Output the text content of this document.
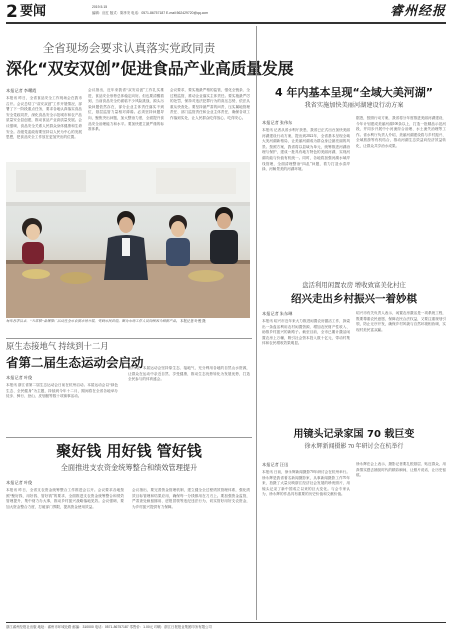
2 要闻	2019.5.15
编辑：应红 版式：陈孝安 电话：0571-86757187 E-mail:562429720@qq.com	睿州经报
全省现场会要求认真落实党政同责
深化“双安双创”促进食品产业高质量发展
本报记者 李曙霞
本报讯 昨日，全省食品安全工作现场会在我市召开。会议总结了“双安双创”工作开展情况，部署了下一阶段重点任务，要求各地认真落实食品安全党政同责，深化食品安全示范城市和农产品质量安全县创建，推动食品产业高质量发展。会议强调，食品安全关系人民群众身体健康和生命安全。各级党委政府要坚持以人民为中心的发展思想，把食品安全工作放在更加突出的位置。
会议指出，近年来我省“双安双创”工作扎实推进，食品安全形势总体稳定向好。但也要清醒看到，当前食品安全仍面临不少风险挑战，源头污染问题依然存在，部分企业主体责任落实不到位，基层监管力量相对薄弱。必须坚持问题导向，聚焦突出问题，加大整治力度，全面提升食品安全治理能力和水平。要加快建立最严谨的标准体系。
会议要求，要实施最严格的监管，强化全链条、全过程监管，推动企业落实主体责任。要实施最严厉的处罚，保持对违法犯罪行为的高压态势，依法从重从快查处。要坚持最严肃的问责，压实属地管理责任、部门监管责任和企业主体责任，确保各项工作落到实处，让人民群众吃得放心、吃得安心。
每年春季以来，“五常稻”品牌推广活动在全市农贸市场开展，受到市民欢迎。图为市场工作人员向顾客介绍新产品。 本报记者 叶俊 摄
4 年内基本呈现“全域大美河湖”
我省实施加快美丽河湖建设行动方案
本报记者 张伟东
本报讯 记者从省水利厅获悉，我省已正式出台加快美丽河湖建设行动方案，提出到2022年，全省基本呈现全域大美河湖新格局，让美丽河湖成为群众身边最亮丽的风景。按照方案，我省将以县域为单元，统筹推进河湖治理与保护，建成一批具有地方特色的美丽河湖，实现河湖功能与价值有机统一。同时，各地将加强河湖水域岸线管理，全面清理整治“四乱”问题，着力打造水清岸绿、河畅景美的河湖环境。
据悉，按照行动方案，我省将分年度推进美丽河湖建设，今年计划建成美丽河湖100条以上，打造一批精品示范河段，并同步开展中小河流综合治理、水土流失治理等工作。省水利厅负责人介绍，美丽河湖建设将与乡村振兴、全域旅游等有机结合，推动河湖生态效益向经济效益转化，让群众共享治水成果。
盘活利用闲置农房 增收致富美化村庄
绍兴走出乡村振兴一着妙棋
本报记者 朱东琳
本报讯 绍兴市近年来大力推进闲置农房激活工作，探索出一条盘活利用农村闲置资源、增加农民财产性收入、助推乡村振兴的新路子。截至目前，全市已累计激活闲置农房上万幢，吸引社会资本投入数十亿元，带动村集体和农民增收效果明显。
绍兴市有关负责人表示，闲置农房激活是一项系统工程，既要尊重农民意愿，保障农民合法权益，又要注重规划引领，防止无序开发，确保乡村风貌与自然环境相协调，实现村美民富双赢。
用镜头记录家国 70 载巨变
徐永辉新闻摄影 70 年研讨会在杭举行
本报记者 汪迅
本报讯 日前，徐永辉新闻摄影70年研讨会在杭州举行。徐永辉是我省著名新闻摄影家，从事新闻摄影工作70年来，拍摄了大量反映浙江经济社会发展的珍贵照片，用镜头记录了新中国成立以来的巨大变化。与会专家认为，徐永辉的作品具有重要的历史价值和文献价值。
徐永辉在会上表示，摄影记者要扎根基层、贴近群众，用真情实感去捕捉时代的精彩瞬间，让照片说话，让历史留痕。
原生态接地气 持续到十二月
省第二届生态运动会启动
本报记者 叶俊
本报讯 浙江省第二届生态运动会日前在杭州启动。本届运动会以“绿色生态、全民健身”为主题，持续到今年十二月，期间将在全省各地举办徒步、骑行、登山、皮划艇等数十项赛事活动。
据介绍，本届运动会坚持原生态、接地气，充分利用各地的自然山水资源，让群众在运动中亲近自然、享受健康，推动生态优势转化为发展优势，打造全民参与的体育盛会。
聚好钱 用好钱 管好钱
全面推进支农资金统筹整合和绩效管理提升
本报记者 叶俊
本报讯 昨日，全省支农资金统筹整合工作推进会召开。会议要求各地按照“聚好钱、用好钱、管好钱”的要求，全面推进支农资金统筹整合和绩效管理提升，集中财力办大事，推动乡村振兴战略落地见效。会议强调，要加大资金整合力度，打破部门界限，提高资金使用效益。
会议指出，要完善资金管理机制，建立健全全过程绩效管理体系，强化绩效目标管理和结果应用，确保每一分钱都用在刀刃上。要加强资金监管，严肃查处截留挪用、虚报冒领等违纪违法行为，切实管好用好支农资金，为乡村振兴提供有力保障。
浙江睿州经报社出版 地址：睿州市环城北路 邮编：310000 电话：0571-86757187 零售价：1.00元 印刷：浙江日报报业集团印务有限公司
